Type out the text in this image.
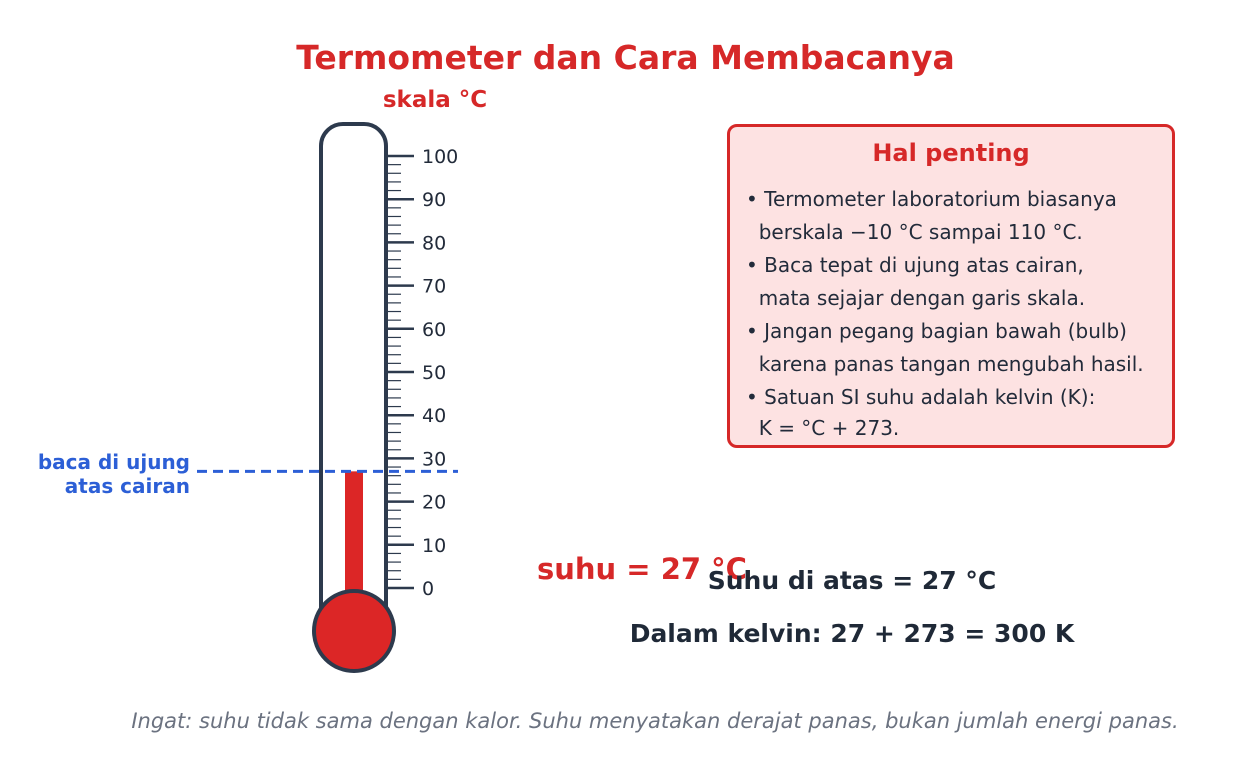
Termometer dan Cara Membacanya
skala °C
0
10
20
30
40
50
60
70
80
90
100
baca di ujung
atas cairan
Hal penting
• Termometer laboratorium biasanya
berskala −10 °C sampai 110 °C.
• Baca tepat di ujung atas cairan,
mata sejajar dengan garis skala.
• Jangan pegang bagian bawah (bulb)
karena panas tangan mengubah hasil.
• Satuan SI suhu adalah kelvin (K):
K = °C + 273.
suhu = 27 °C
Suhu di atas = 27 °C
Dalam kelvin: 27 + 273 = 300 K
Ingat: suhu tidak sama dengan kalor. Suhu menyatakan derajat panas, bukan jumlah energi panas.
